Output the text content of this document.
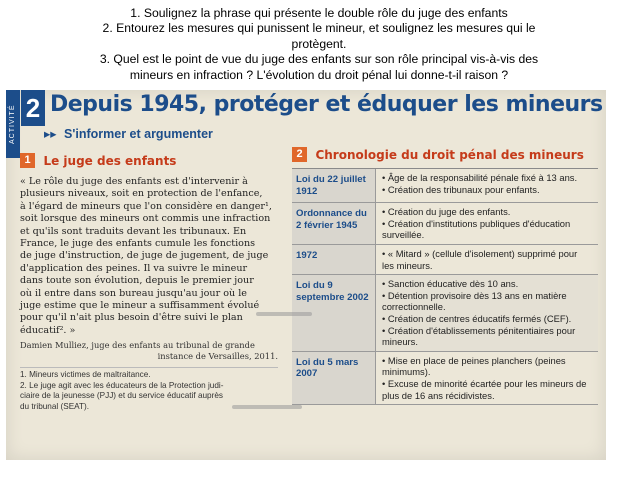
1. Soulignez la phrase qui présente le double rôle du juge des enfants
2. Entourez les mesures qui punissent le mineur, et soulignez les mesures qui le
protègent.
3. Quel est le point de vue du juge des enfants sur son rôle principal vis-à-vis des
mineurs en infraction ? L'évolution du droit pénal lui donne-t-il raison ?
ACTIVITÉ 2 Depuis 1945, protéger et éduquer les mineurs
▸▸ S'informer et argumenter
1 Le juge des enfants
« Le rôle du juge des enfants est d'intervenir à
plusieurs niveaux, soit en protection de l'enfance,
à l'égard de mineurs que l'on considère en danger¹,
soit lorsque des mineurs ont commis une infraction
et qu'ils sont traduits devant les tribunaux. En
France, le juge des enfants cumule les fonctions
de juge d'instruction, de juge de jugement, de juge
d'application des peines. Il va suivre le mineur
dans toute son évolution, depuis le premier jour
où il entre dans son bureau jusqu'au jour où le
juge estime que le mineur a suffisamment évolué
pour qu'il n'ait plus besoin d'être suivi le plan
éducatif². »
Damien Mulliez, juge des enfants au tribunal de grande
instance de Versailles, 2011.
1. Mineurs victimes de maltraitance.
2. Le juge agit avec les éducateurs de la Protection judi-
ciaire de la jeunesse (PJJ) et du service éducatif auprès
du tribunal (SEAT).
2 Chronologie du droit pénal des mineurs
Loi du 22 juillet 1912
• Âge de la responsabilité pénale fixé à 13 ans.
• Création des tribunaux pour enfants.
Ordonnance du 2 février 1945
• Création du juge des enfants.
• Création d'institutions publiques d'éducation
surveillée.
1972	• « Mitard » (cellule d'isolement) supprimé pour
les mineurs.
Loi du 9 septembre 2002
• Sanction éducative dès 10 ans.
• Détention provisoire dès 13 ans en matière
correctionnelle.
• Création de centres éducatifs fermés (CEF).
• Création d'établissements pénitentiaires pour
mineurs.
Loi du 5 mars 2007
• Mise en place de peines planchers (peines
minimums).
• Excuse de minorité écartée pour les mineurs de
plus de 16 ans récidivistes.
